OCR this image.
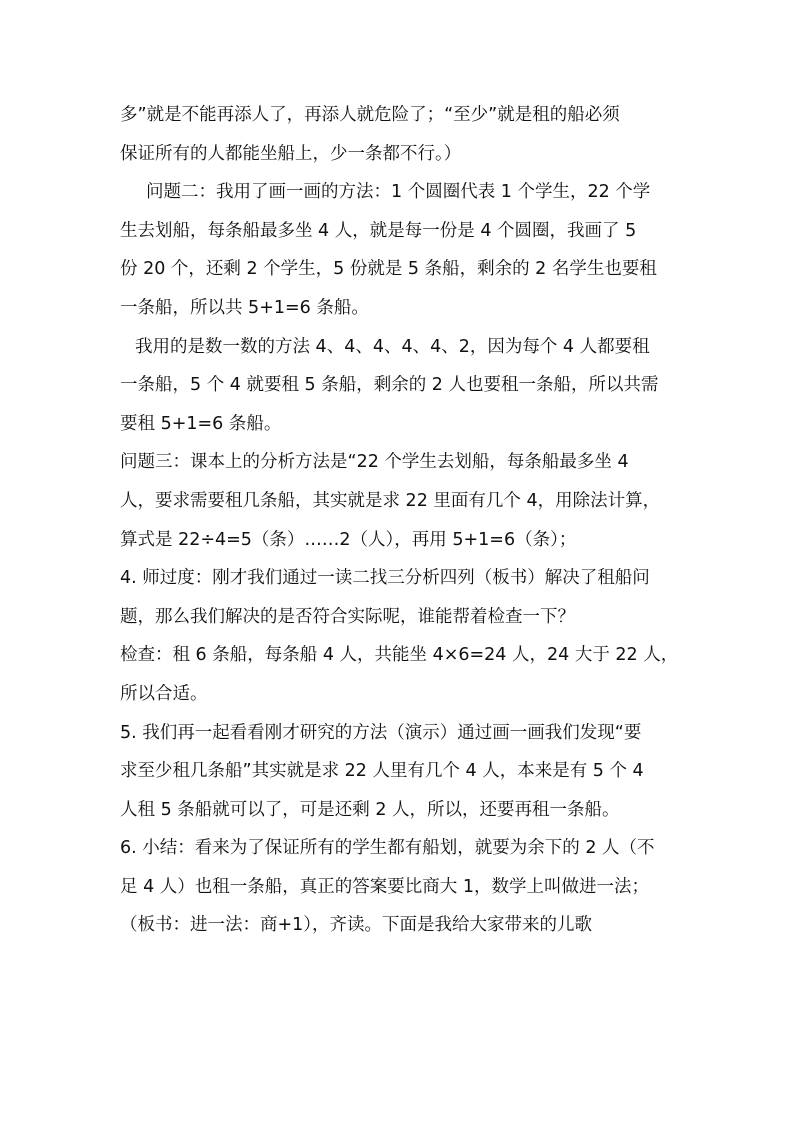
多”就是不能再添人了，再添人就危险了；“至少”就是租的船必须
保证所有的人都能坐船上，少一条都不行。）
问题二：我用了画一画的方法：1 个圆圈代表 1 个学生，22 个学
生去划船，每条船最多坐 4 人，就是每一份是 4 个圆圈，我画了 5
份 20 个，还剩 2 个学生，5 份就是 5 条船，剩余的 2 名学生也要租
一条船，所以共 5+1=6 条船。
我用的是数一数的方法 4、4、4、4、4、2，因为每个 4 人都要租
一条船，5 个 4 就要租 5 条船，剩余的 2 人也要租一条船，所以共需
要租 5+1=6 条船。
问题三：课本上的分析方法是“22 个学生去划船，每条船最多坐 4
人，要求需要租几条船，其实就是求 22 里面有几个 4，用除法计算，
算式是 22÷4=5（条）……2（人），再用 5+1=6（条）；
4. 师过度：刚才我们通过一读二找三分析四列（板书）解决了租船问
题，那么我们解决的是否符合实际呢，谁能帮着检查一下？
检查：租 6 条船，每条船 4 人，共能坐 4×6=24 人，24 大于 22 人，
所以合适。
5. 我们再一起看看刚才研究的方法（演示）通过画一画我们发现“要
求至少租几条船”其实就是求 22 人里有几个 4 人，本来是有 5 个 4
人租 5 条船就可以了，可是还剩 2 人，所以，还要再租一条船。
6. 小结：看来为了保证所有的学生都有船划，就要为余下的 2 人（不
足 4 人）也租一条船，真正的答案要比商大 1，数学上叫做进一法；
（板书：进一法：商+1），齐读。下面是我给大家带来的儿歌
